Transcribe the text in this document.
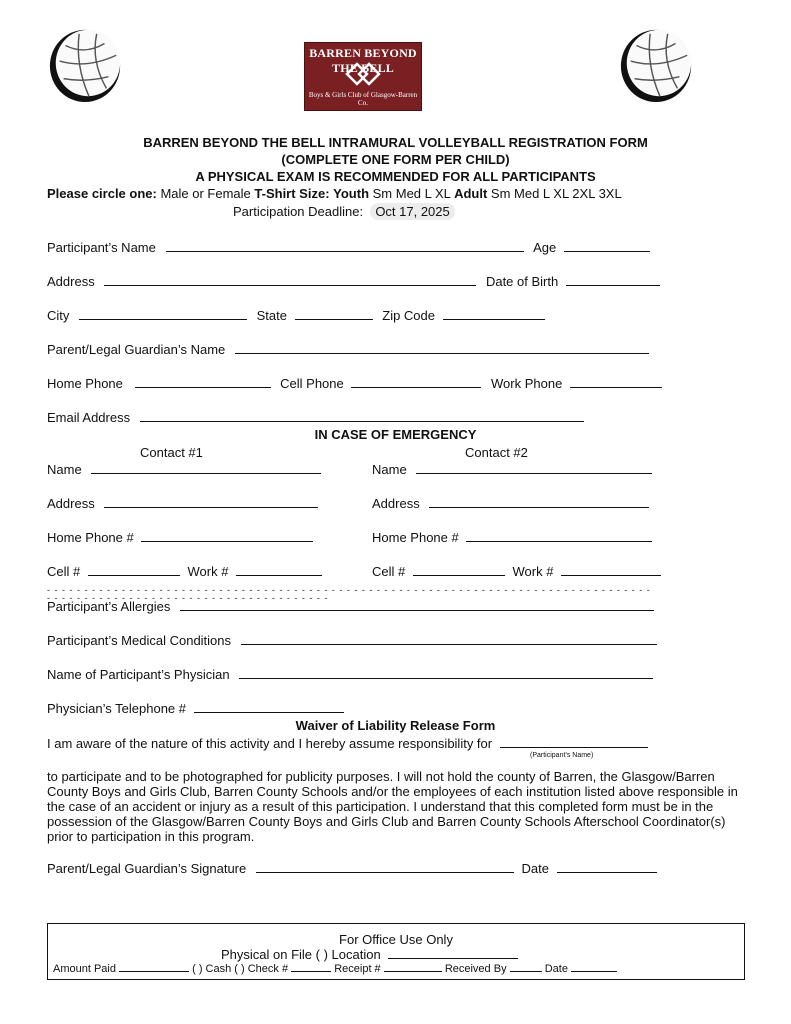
BARREN BEYOND THE BELL
Boys & Girls Club of Glasgow-Barren Co.
BARREN BEYOND THE BELL INTRAMURAL VOLLEYBALL REGISTRATION FORM
(COMPLETE ONE FORM PER CHILD)
A PHYSICAL EXAM IS RECOMMENDED FOR ALL PARTICIPANTS
Please circle one: Male or Female T-Shirt Size: Youth Sm Med L XL Adult Sm Med L XL 2XL 3XL
Participation Deadline: Oct 17, 2025
Participant’s Name	Age
Address	Date of Birth
City	State	Zip Code
Parent/Legal Guardian’s Name
Home Phone	Cell Phone	Work Phone
Email Address
IN CASE OF EMERGENCY
Contact #1	Contact #2
Name	Name
Address	Address
Home Phone #	Home Phone #
Cell #	Work #	Cell #	Work #
- - - - - - - - - - - - - - - - - - - - - - - - - - - - - - - - - - - - - - - - - - - - - - - - - - - - - - - - - - - - - - - - - - - - - - - - - - - - - - - - - - - - - - - - - - - - - - - - - - - - - - - - - - - - - - - - - - - - - - -
Participant’s Allergies
Participant’s Medical Conditions
Name of Participant’s Physician
Physician’s Telephone #
Waiver of Liability Release Form
I am aware of the nature of this activity and I hereby assume responsibility for
(Participant’s Name)
to participate and to be photographed for publicity purposes. I will not hold the county of Barren, the Glasgow/Barren
County Boys and Girls Club, Barren County Schools and/or the employees of each institution listed above responsible in
the case of an accident or injury as a result of this participation. I understand that this completed form must be in the
possession of the Glasgow/Barren County Boys and Girls Club and Barren County Schools Afterschool Coordinator(s)
prior to participation in this program.
Parent/Legal Guardian’s Signature	Date
For Office Use Only
Physical on File ( ) Location
Amount Paid	( ) Cash ( ) Check #	Receipt #	Received By	Date
